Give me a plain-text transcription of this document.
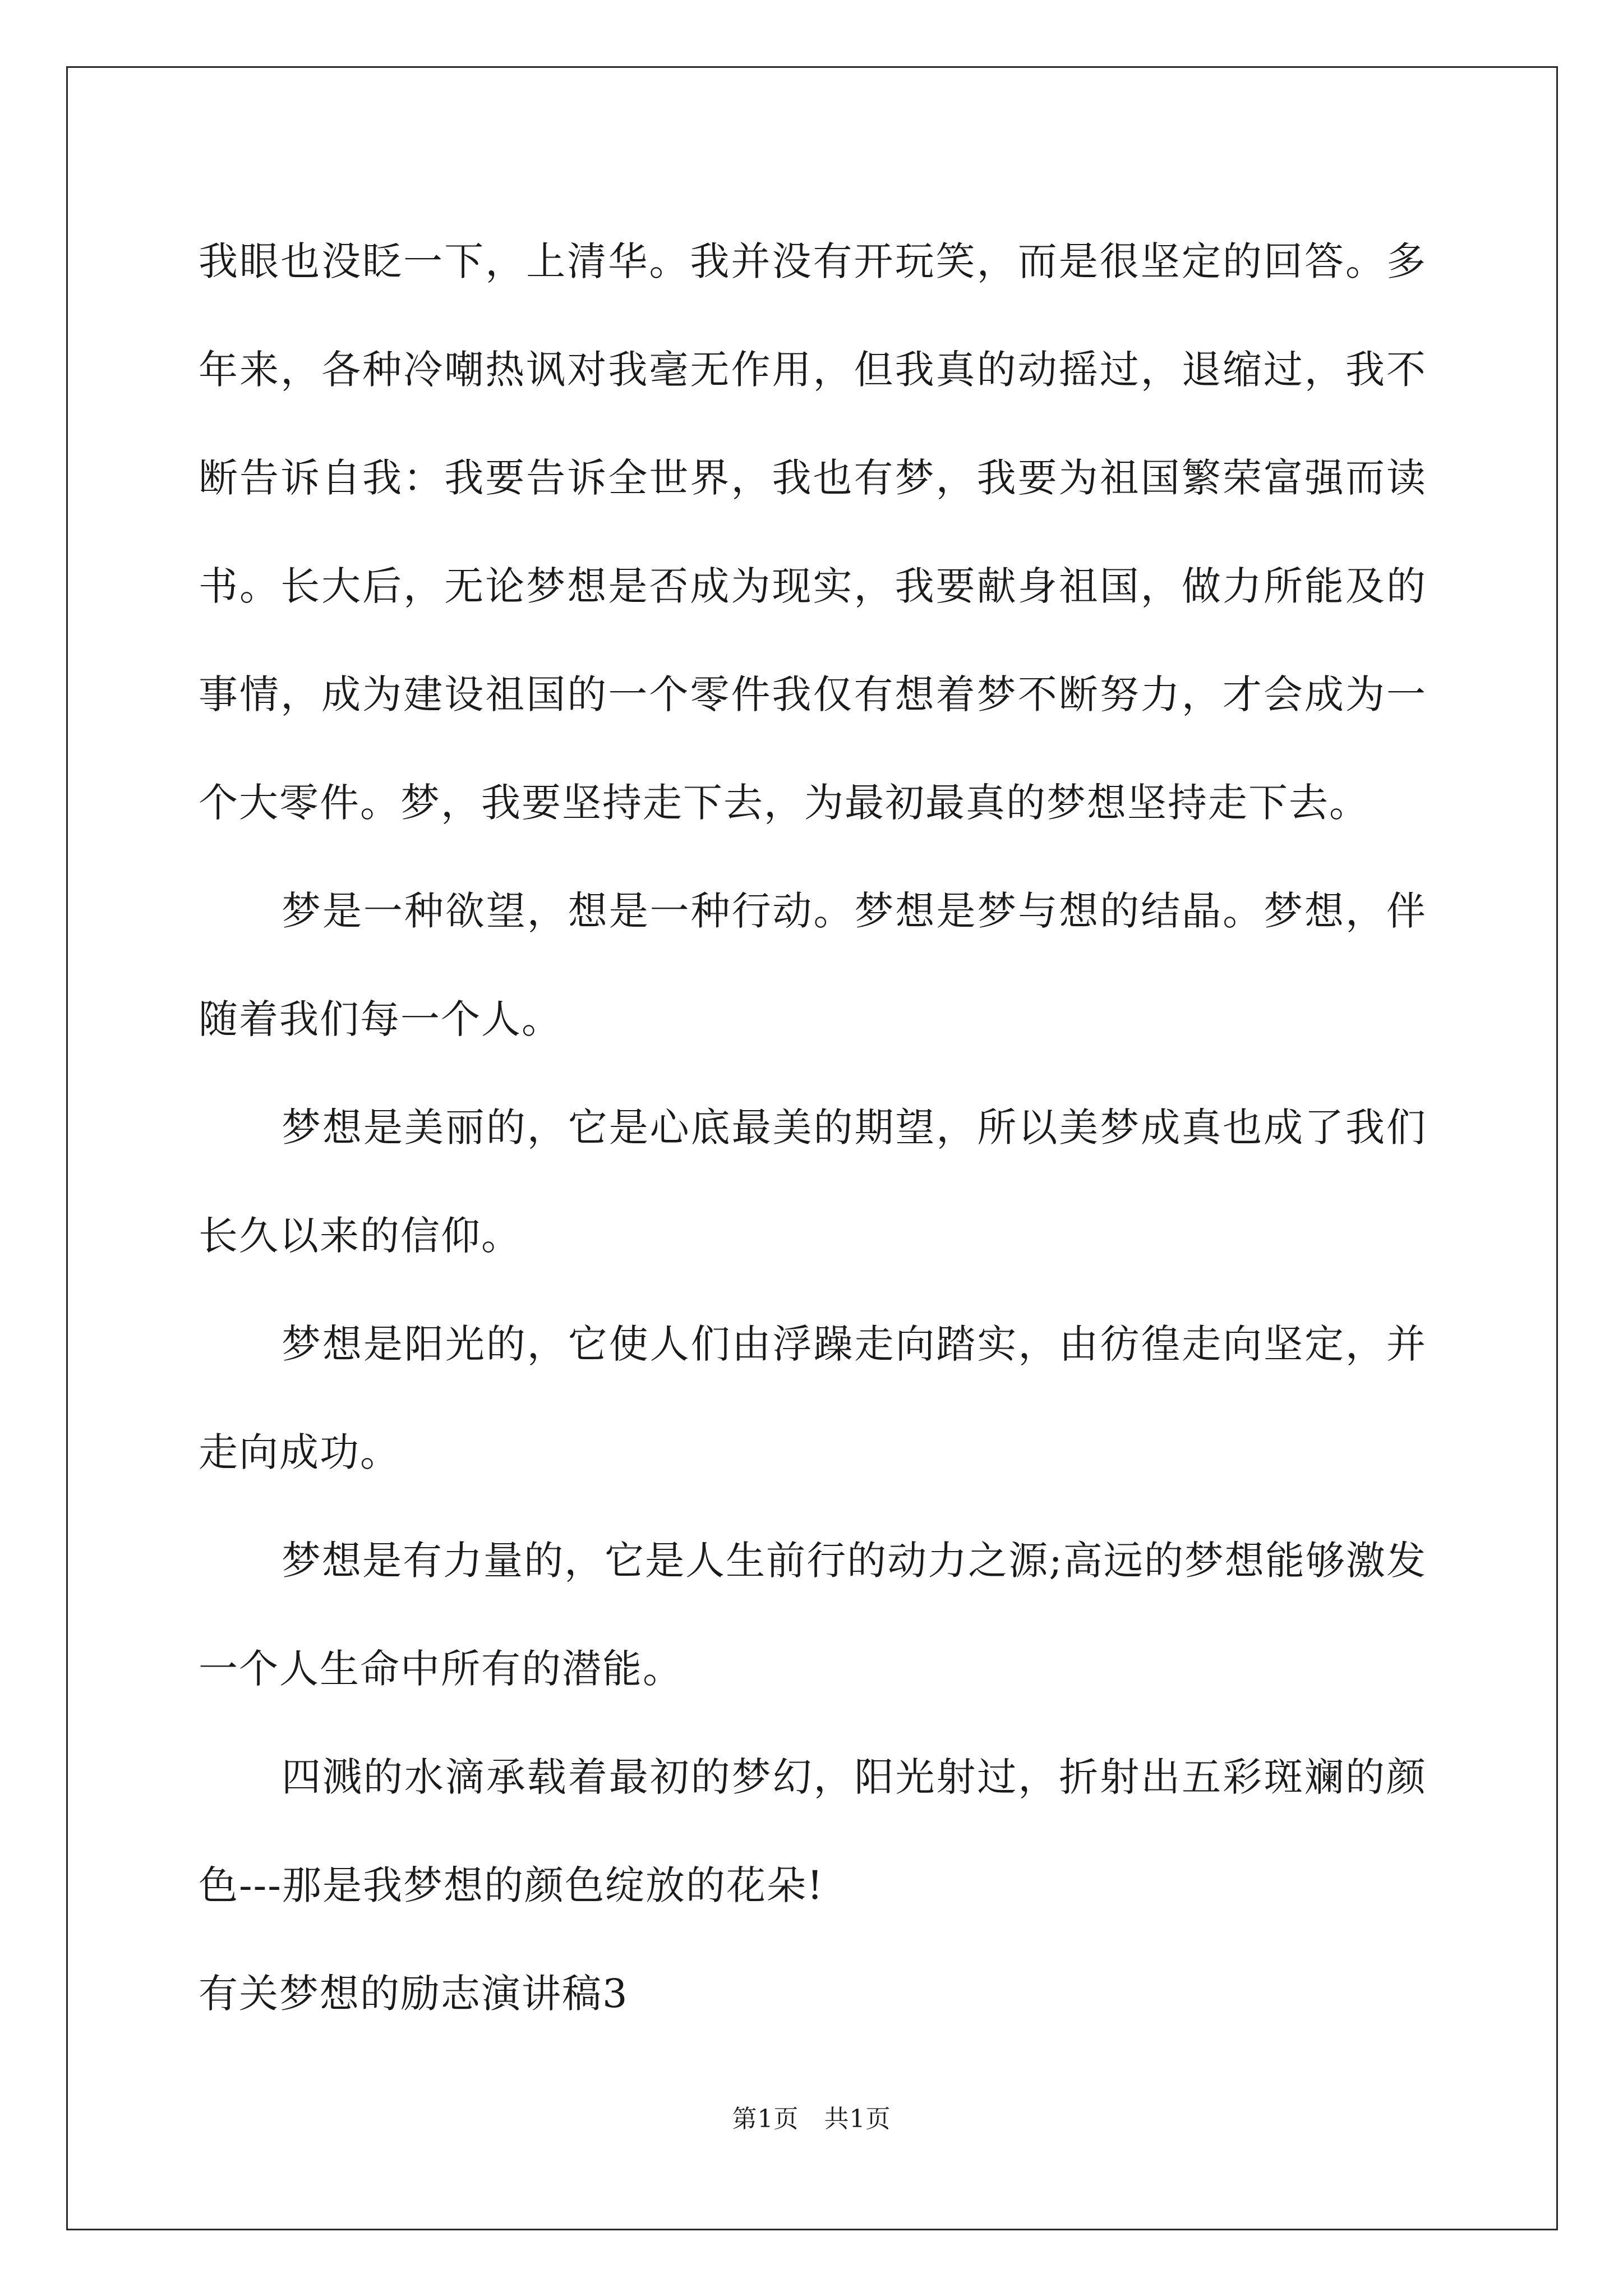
我眼也没眨一下，上清华。我并没有开玩笑，而是很坚定的回答。多年来，各种冷嘲热讽对我毫无作用，但我真的动摇过，退缩过，我不断告诉自我：我要告诉全世界，我也有梦，我要为祖国繁荣富强而读书。长大后，无论梦想是否成为现实，我要献身祖国，做力所能及的事情，成为建设祖国的一个零件我仅有想着梦不断努力，才会成为一个大零件。梦，我要坚持走下去，为最初最真的梦想坚持走下去。

梦是一种欲望，想是一种行动。梦想是梦与想的结晶。梦想，伴随着我们每一个人。

梦想是美丽的，它是心底最美的期望，所以美梦成真也成了我们长久以来的信仰。

梦想是阳光的，它使人们由浮躁走向踏实，由彷徨走向坚定，并走向成功。

梦想是有力量的，它是人生前行的动力之源;高远的梦想能够激发一个人生命中所有的潜能。

四溅的水滴承载着最初的梦幻，阳光射过，折射出五彩斑斓的颜色---那是我梦想的颜色绽放的花朵!

有关梦想的励志演讲稿3

第1页　共1页
